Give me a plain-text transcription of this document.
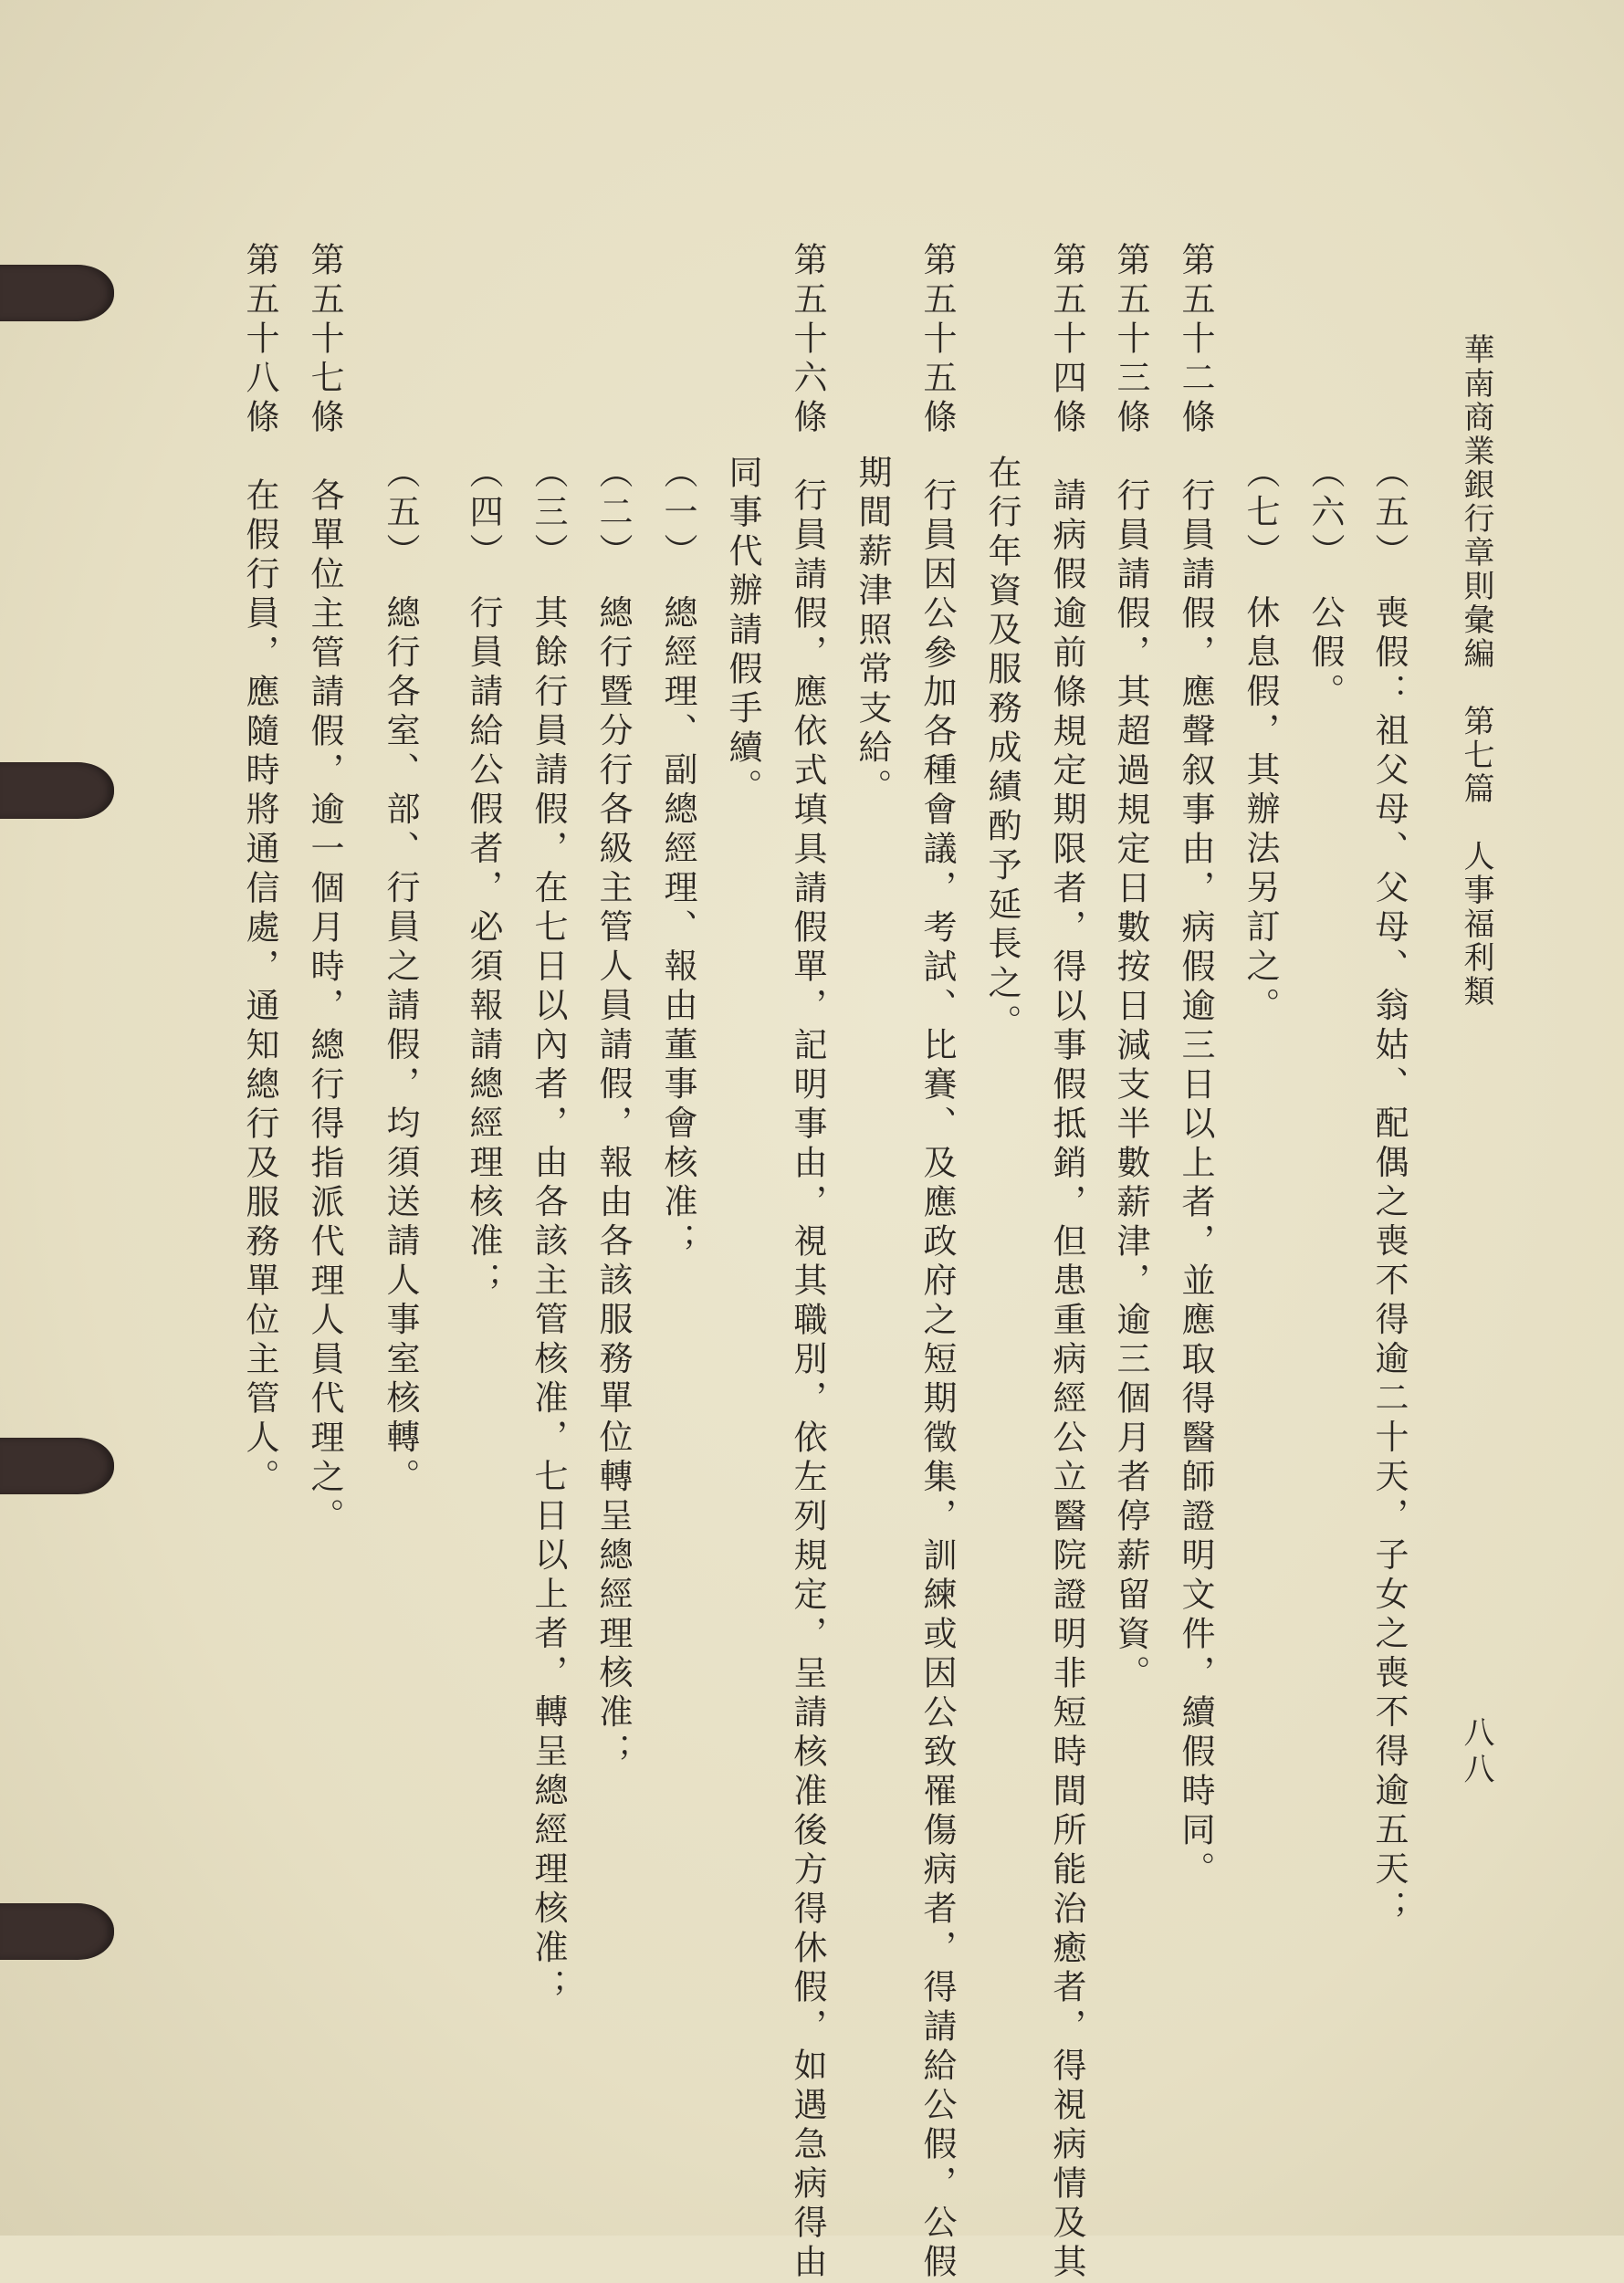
華南商業銀行章則彙編　第七篇　人事福利類
八八
（五）　喪假：祖父母、父母、翁姑、配偶之喪不得逾二十天，子女之喪不得逾五天；
（六）　公假。
（七）　休息假，其辦法另訂之。
第五十二條　行員請假，應聲叙事由，病假逾三日以上者，並應取得醫師證明文件，續假時同。
第五十三條　行員請假，其超過規定日數按日減支半數薪津，逾三個月者停薪留資。
第五十四條　請病假逾前條規定期限者，得以事假抵銷，但患重病經公立醫院證明非短時間所能治癒者，得視病情及其
在行年資及服務成績酌予延長之。
第五十五條　行員因公參加各種會議，考試、比賽、及應政府之短期徵集，訓練或因公致罹傷病者，得請給公假，公假
期間薪津照常支給。
第五十六條　行員請假，應依式填具請假單，記明事由，視其職別，依左列規定，呈請核准後方得休假，如遇急病得由
同事代辦請假手續。
（一）　總經理、副總經理、報由董事會核准；
（二）　總行暨分行各級主管人員請假，報由各該服務單位轉呈總經理核准；
（三）　其餘行員請假，在七日以內者，由各該主管核准，七日以上者，轉呈總經理核准；
（四）　行員請給公假者，必須報請總經理核准；
（五）　總行各室、部、行員之請假，均須送請人事室核轉。
第五十七條　各單位主管請假，逾一個月時，總行得指派代理人員代理之。
第五十八條　在假行員，應隨時將通信處，通知總行及服務單位主管人。
